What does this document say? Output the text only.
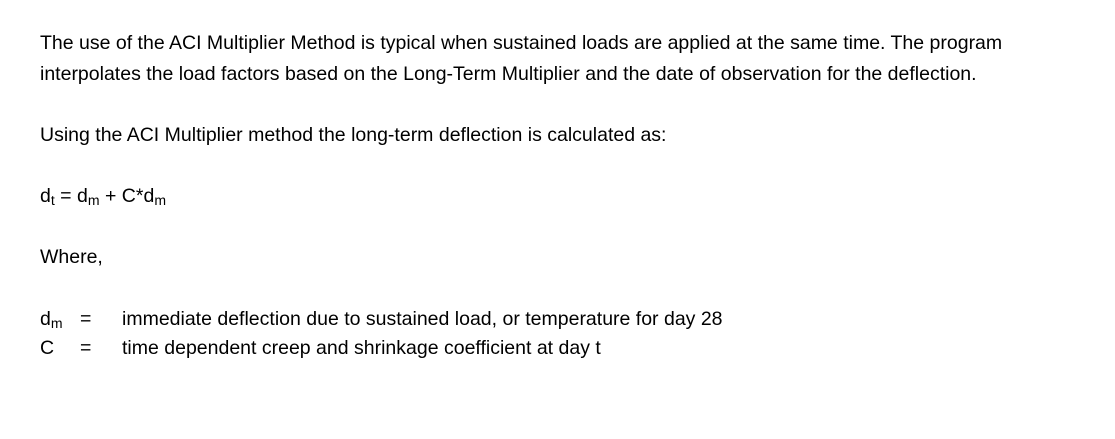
The use of the ACI Multiplier Method is typical when sustained loads are applied at the same time. The program interpolates the load factors based on the Long-Term Multiplier and the date of observation for the deflection.

Using the ACI Multiplier method the long-term deflection is calculated as:

$d_t = d_m + C*d_m$

Where,

$d_m$	=	immediate deflection due to sustained load, or temperature for day 28
C	=	time dependent creep and shrinkage coefficient at day t
